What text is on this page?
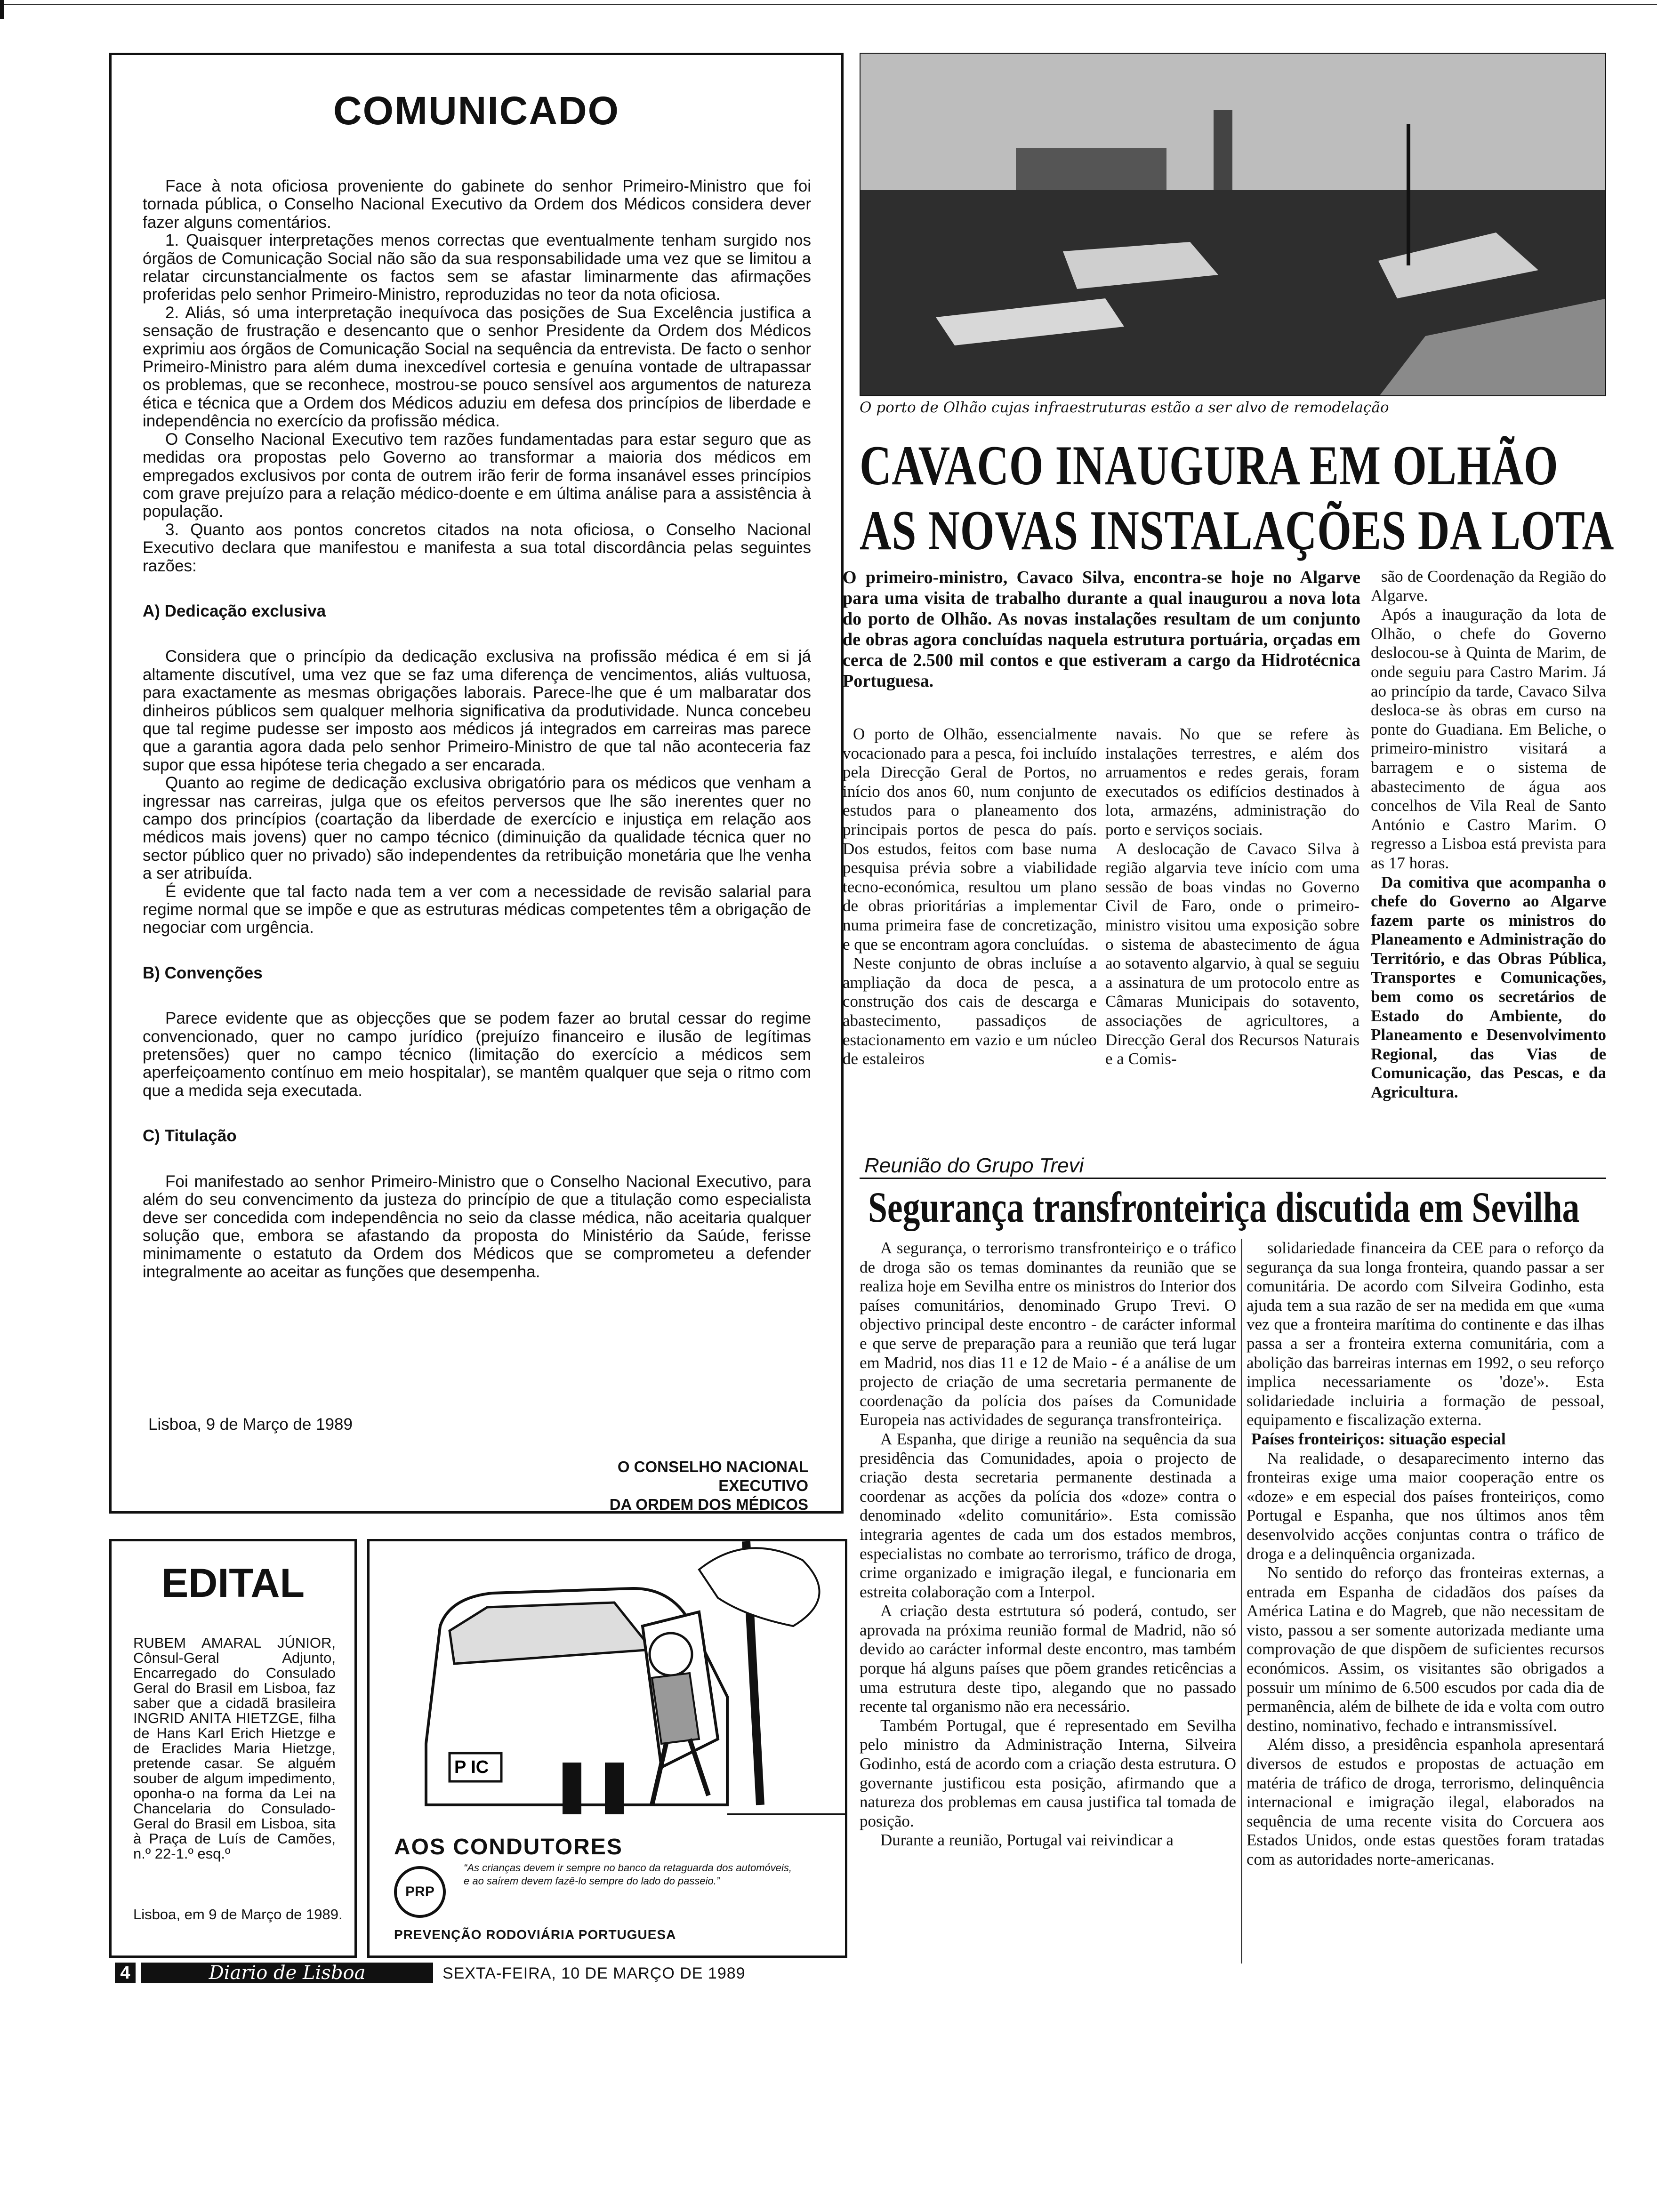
COMUNICADO

Face à nota oficiosa proveniente do gabinete do senhor Primeiro-Ministro que foi tornada pública, o Conselho Nacional Executivo da Ordem dos Médicos considera dever fazer alguns comentários.

1. Quaisquer interpretações menos correctas que eventualmente tenham surgido nos órgãos de Comunicação Social não são da sua responsabilidade uma vez que se limitou a relatar circunstancialmente os factos sem se afastar liminarmente das afirmações proferidas pelo senhor Primeiro-Ministro, reproduzidas no teor da nota oficiosa.

2. Aliás, só uma interpretação inequívoca das posições de Sua Excelência justifica a sensação de frustração e desencanto que o senhor Presidente da Ordem dos Médicos exprimiu aos órgãos de Comunicação Social na sequência da entrevista. De facto o senhor Primeiro-Ministro para além duma inexcedível cortesia e genuína vontade de ultrapassar os problemas, que se reconhece, mostrou-se pouco sensível aos argumentos de natureza ética e técnica que a Ordem dos Médicos aduziu em defesa dos princípios de liberdade e independência no exercício da profissão médica.

O Conselho Nacional Executivo tem razões fundamentadas para estar seguro que as medidas ora propostas pelo Governo ao transformar a maioria dos médicos em empregados exclusivos por conta de outrem irão ferir de forma insanável esses princípios com grave prejuízo para a relação médico-doente e em última análise para a assistência à população.

3. Quanto aos pontos concretos citados na nota oficiosa, o Conselho Nacional Executivo declara que manifestou e manifesta a sua total discordância pelas seguintes razões:

A) Dedicação exclusiva

Considera que o princípio da dedicação exclusiva na profissão médica é em si já altamente discutível, uma vez que se faz uma diferença de vencimentos, aliás vultuosa, para exactamente as mesmas obrigações laborais. Parece-lhe que é um malbaratar dos dinheiros públicos sem qualquer melhoria significativa da produtividade. Nunca concebeu que tal regime pudesse ser imposto aos médicos já integrados em carreiras mas parece que a garantia agora dada pelo senhor Primeiro-Ministro de que tal não aconteceria faz supor que essa hipótese teria chegado a ser encarada.

Quanto ao regime de dedicação exclusiva obrigatório para os médicos que venham a ingressar nas carreiras, julga que os efeitos perversos que lhe são inerentes quer no campo dos princípios (coartação da liberdade de exercício e injustiça em relação aos médicos mais jovens) quer no campo técnico (diminuição da qualidade técnica quer no sector público quer no privado) são independentes da retribuição monetária que lhe venha a ser atribuída.

É evidente que tal facto nada tem a ver com a necessidade de revisão salarial para regime normal que se impõe e que as estruturas médicas competentes têm a obrigação de negociar com urgência.

B) Convenções

Parece evidente que as objecções que se podem fazer ao brutal cessar do regime convencionado, quer no campo jurídico (prejuízo financeiro e ilusão de legítimas pretensões) quer no campo técnico (limitação do exercício a médicos sem aperfeiçoamento contínuo em meio hospitalar), se mantêm qualquer que seja o ritmo com que a medida seja executada.

C) Titulação

Foi manifestado ao senhor Primeiro-Ministro que o Conselho Nacional Executivo, para além do seu convencimento da justeza do princípio de que a titulação como especialista deve ser concedida com independência no seio da classe médica, não aceitaria qualquer solução que, embora se afastando da proposta do Ministério da Saúde, ferisse minimamente o estatuto da Ordem dos Médicos que se comprometeu a defender integralmente ao aceitar as funções que desempenha.

Lisboa, 9 de Março de 1989
O CONSELHO NACIONAL EXECUTIVO
DA ORDEM DOS MÉDICOS
EDITAL
RUBEM AMARAL JÚNIOR, Cônsul-Geral Adjunto, Encarregado do Consulado Geral do Brasil em Lisboa, faz saber que a cidadã brasileira INGRID ANITA HIETZGE, filha de Hans Karl Erich Hietzge e de Eraclides Maria Hietzge, pretende casar. Se alguém souber de algum impedimento, oponha-o na forma da Lei na Chancelaria do Consulado-Geral do Brasil em Lisboa, sita à Praça de Luís de Camões, n.º 22-1.º esq.º
Lisboa, em 9 de Março de 1989.
P IC
AOS CONDUTORES
PRP
“As crianças devem ir sempre no banco da retaguarda dos automóveis, e ao saírem devem fazê-lo sempre do lado do passeio.”
PREVENÇÃO RODOVIÁRIA PORTUGUESA
4	Diario de Lisboa	SEXTA-FEIRA, 10 DE MARÇO DE 1989
O porto de Olhão cujas infraestruturas estão a ser alvo de remodelação
CAVACO INAUGURA EM OLHÃO
AS NOVAS INSTALAÇÕES DA LOTA
O primeiro-ministro, Cavaco Silva, encontra-se hoje no Algarve para uma visita de trabalho durante a qual inaugurou a nova lota do porto de Olhão. As novas instalações resultam de um conjunto de obras agora concluídas naquela estrutura portuária, orçadas em cerca de 2.500 mil contos e que estiveram a cargo da Hidrotécnica Portuguesa.

O porto de Olhão, essencialmente vocacionado para a pesca, foi incluído pela Direcção Geral de Portos, no início dos anos 60, num conjunto de estudos para o planeamento dos principais portos de pesca do país. Dos estudos, feitos com base numa pesquisa prévia sobre a viabilidade tecno-económica, resultou um plano de obras prioritárias a implementar numa primeira fase de concretização, e que se encontram agora concluídas.

Neste conjunto de obras incluíse a ampliação da doca de pesca, a construção dos cais de descarga e abastecimento, passadiços de estacionamento em vazio e um núcleo de estaleiros

navais. No que se refere às instalações terrestres, e além dos arruamentos e redes gerais, foram executados os edifícios destinados à lota, armazéns, administração do porto e serviços sociais.

A deslocação de Cavaco Silva à região algarvia teve início com uma sessão de boas vindas no Governo Civil de Faro, onde o primeiro-ministro visitou uma exposição sobre o sistema de abastecimento de água ao sotavento algarvio, à qual se seguiu a assinatura de um protocolo entre as Câmaras Municipais do sotavento, associações de agricultores, a Direcção Geral dos Recursos Naturais e a Comis-

são de Coordenação da Região do Algarve.

Após a inauguração da lota de Olhão, o chefe do Governo deslocou-se à Quinta de Marim, de onde seguiu para Castro Marim. Já ao princípio da tarde, Cavaco Silva desloca-se às obras em curso na ponte do Guadiana. Em Beliche, o primeiro-ministro visitará a barragem e o sistema de abastecimento de água aos concelhos de Vila Real de Santo António e Castro Marim. O regresso a Lisboa está prevista para as 17 horas.

Da comitiva que acompanha o chefe do Governo ao Algarve fazem parte os ministros do Planeamento e Administração do Território, e das Obras Pública, Transportes e Comunicações, bem como os secretários de Estado do Ambiente, do Planeamento e Desenvolvimento Regional, das Vias de Comunicação, das Pescas, e da Agricultura.

Reunião do Grupo Trevi
Segurança transfronteiriça discutida em Sevilha

A segurança, o terrorismo transfronteiriço e o tráfico de droga são os temas dominantes da reunião que se realiza hoje em Sevilha entre os ministros do Interior dos países comunitários, denominado Grupo Trevi. O objectivo principal deste encontro - de carácter informal e que serve de preparação para a reunião que terá lugar em Madrid, nos dias 11 e 12 de Maio - é a análise de um projecto de criação de uma secretaria permanente de coordenação da polícia dos países da Comunidade Europeia nas actividades de segurança transfronteiriça.

A Espanha, que dirige a reunião na sequência da sua presidência das Comunidades, apoia o projecto de criação desta secretaria permanente destinada a coordenar as acções da polícia dos «doze» contra o denominado «delito comunitário». Esta comissão integraria agentes de cada um dos estados membros, especialistas no combate ao terrorismo, tráfico de droga, crime organizado e imigração ilegal, e funcionaria em estreita colaboração com a Interpol.

A criação desta estrtutura só poderá, contudo, ser aprovada na próxima reunião formal de Madrid, não só devido ao carácter informal deste encontro, mas também porque há alguns países que põem grandes reticências a uma estrutura deste tipo, alegando que no passado recente tal organismo não era necessário.

Também Portugal, que é representado em Sevilha pelo ministro da Administração Interna, Silveira Godinho, está de acordo com a criação desta estrutura. O governante justificou esta posição, afirmando que a natureza dos problemas em causa justifica tal tomada de posição.

Durante a reunião, Portugal vai reivindicar a

solidariedade financeira da CEE para o reforço da segurança da sua longa fronteira, quando passar a ser comunitária. De acordo com Silveira Godinho, esta ajuda tem a sua razão de ser na medida em que «uma vez que a fronteira marítima do continente e das ilhas passa a ser a fronteira externa comunitária, com a abolição das barreiras internas em 1992, o seu reforço implica necessariamente os 'doze'». Esta solidariedade incluiria a formação de pessoal, equipamento e fiscalização externa.

Países fronteiriços: situação especial

Na realidade, o desaparecimento interno das fronteiras exige uma maior cooperação entre os «doze» e em especial dos países fronteiriços, como Portugal e Espanha, que nos últimos anos têm desenvolvido acções conjuntas contra o tráfico de droga e a delinquência organizada.

No sentido do reforço das fronteiras externas, a entrada em Espanha de cidadãos dos países da América Latina e do Magreb, que não necessitam de visto, passou a ser somente autorizada mediante uma comprovação de que dispõem de suficientes recursos económicos. Assim, os visitantes são obrigados a possuir um mínimo de 6.500 escudos por cada dia de permanência, além de bilhete de ida e volta com outro destino, nominativo, fechado e intransmissível.

Além disso, a presidência espanhola apresentará diversos de estudos e propostas de actuação em matéria de tráfico de droga, terrorismo, delinquência internacional e imigração ilegal, elaborados na sequência de uma recente visita do Corcuera aos Estados Unidos, onde estas questões foram tratadas com as autoridades norte-americanas.
